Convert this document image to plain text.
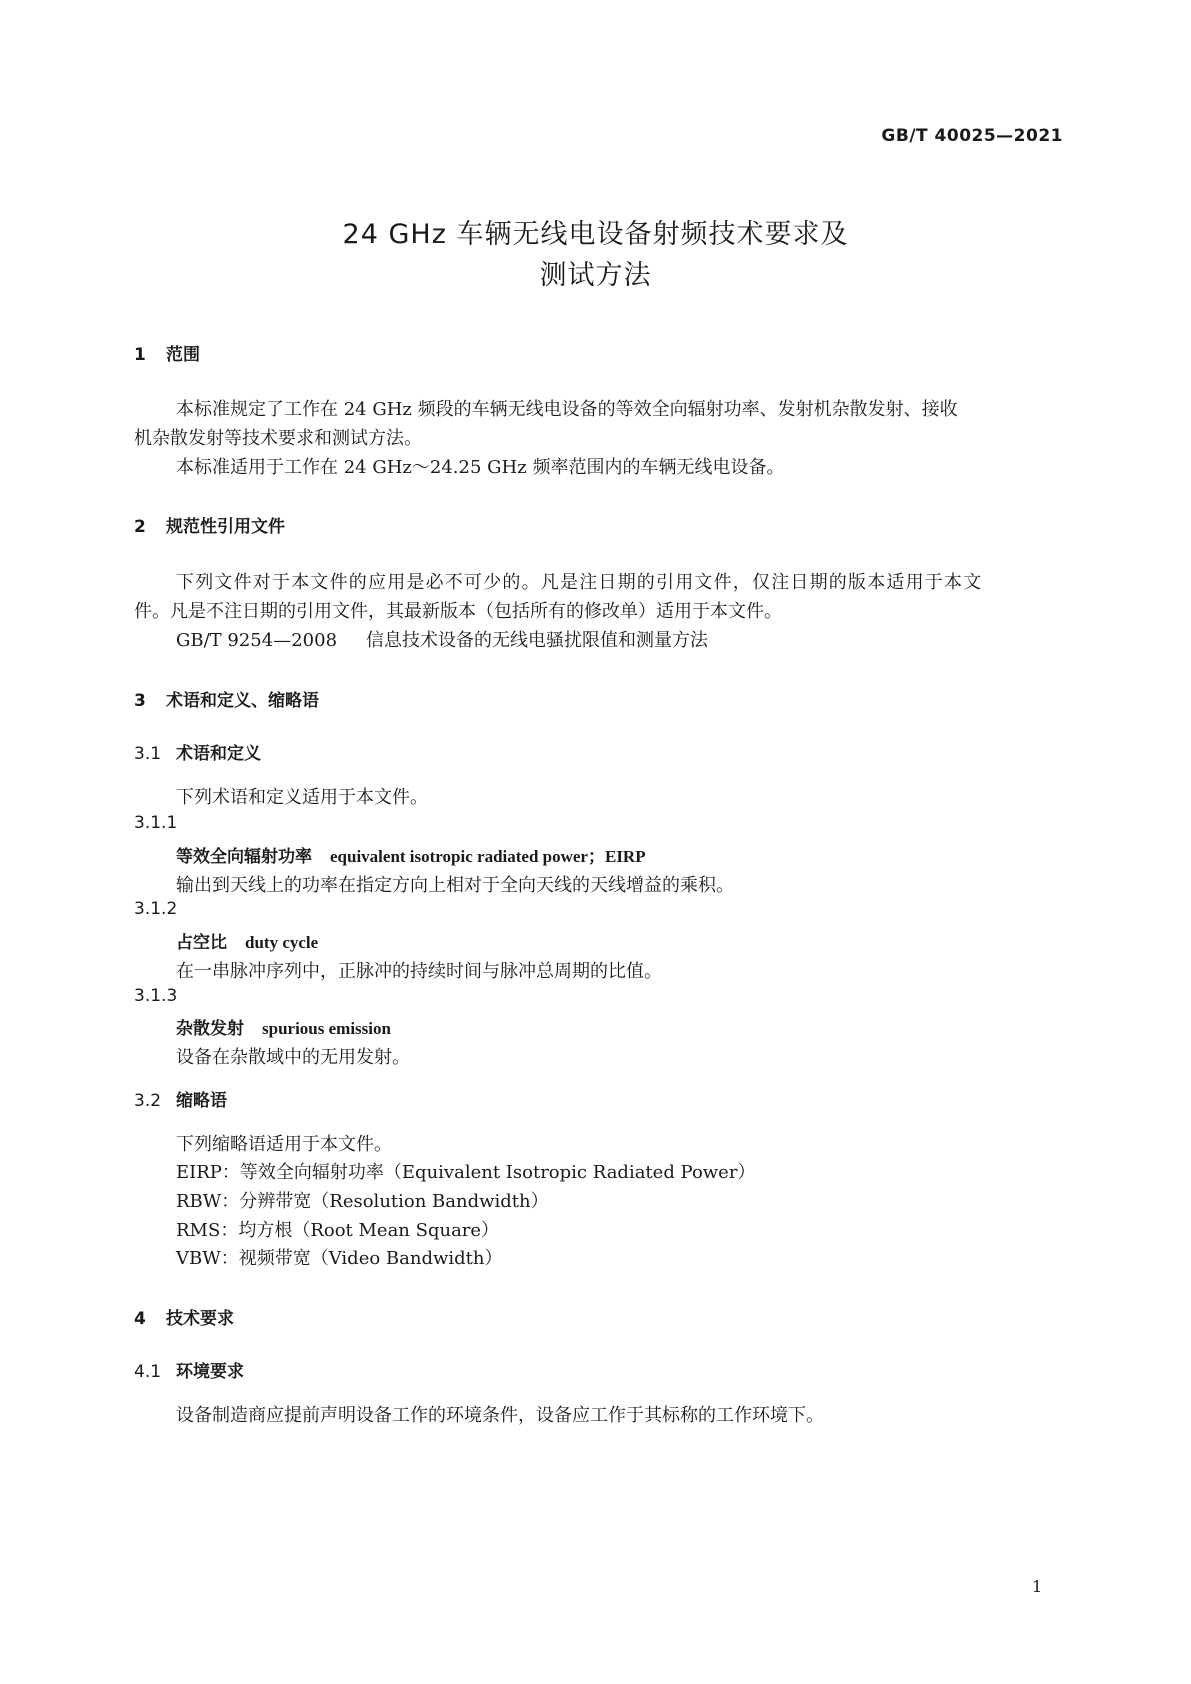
GB/T 40025—2021
24 GHz 车辆无线电设备射频技术要求及
测试方法
1 范围
本标准规定了工作在 24 GHz 频段的车辆无线电设备的等效全向辐射功率、发射机杂散发射、接收
机杂散发射等技术要求和测试方法。
本标准适用于工作在 24 GHz～24.25 GHz 频率范围内的车辆无线电设备。
2 规范性引用文件
下列文件对于本文件的应用是必不可少的。凡是注日期的引用文件，仅注日期的版本适用于本文
件。凡是不注日期的引用文件，其最新版本（包括所有的修改单）适用于本文件。
GB/T 9254—2008 信息技术设备的无线电骚扰限值和测量方法
3 术语和定义、缩略语
3.1 术语和定义
下列术语和定义适用于本文件。
3.1.1
等效全向辐射功率 equivalent isotropic radiated power；EIRP
输出到天线上的功率在指定方向上相对于全向天线的天线增益的乘积。
3.1.2
占空比 duty cycle
在一串脉冲序列中，正脉冲的持续时间与脉冲总周期的比值。
3.1.3
杂散发射 spurious emission
设备在杂散域中的无用发射。
3.2 缩略语
下列缩略语适用于本文件。
EIRP：等效全向辐射功率（Equivalent Isotropic Radiated Power）
RBW：分辨带宽（Resolution Bandwidth）
RMS：均方根（Root Mean Square）
VBW：视频带宽（Video Bandwidth）
4 技术要求
4.1 环境要求
设备制造商应提前声明设备工作的环境条件，设备应工作于其标称的工作环境下。
1
